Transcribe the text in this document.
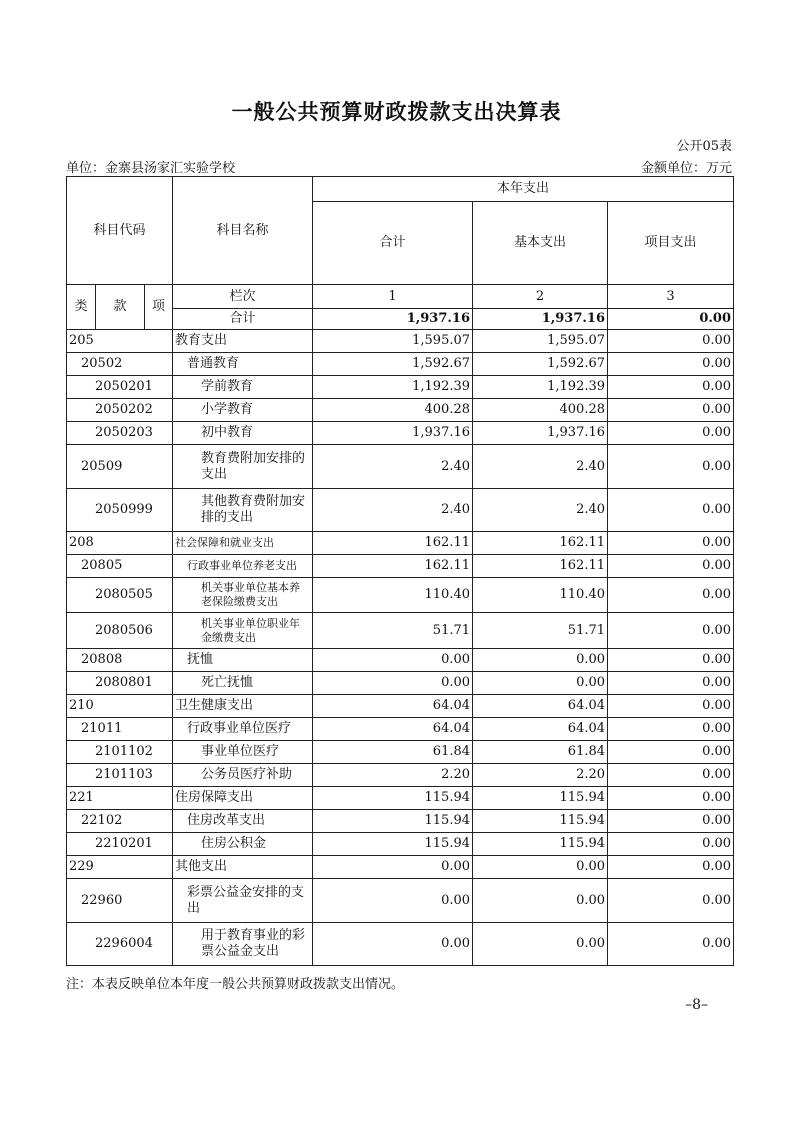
一般公共预算财政拨款支出决算表
公开05表
单位：金寨县汤家汇实验学校	金额单位：万元
科目代码			科目名称	本年支出		
				合计	基本支出	项目支出
类	款	项	栏次	1	2	3
			合计	1,937.16	1,937.16	0.00
205			教育支出	1,595.07	1,595.07	0.00
20502			普通教育	1,592.67	1,592.67	0.00
2050201			学前教育	1,192.39	1,192.39	0.00
2050202			小学教育	400.28	400.28	0.00
2050203			初中教育	1,937.16	1,937.16	0.00
20509			教育费附加安排的支出	2.40	2.40	0.00
2050999			其他教育费附加安排的支出	2.40	2.40	0.00
208			社会保障和就业支出	162.11	162.11	0.00
20805			行政事业单位养老支出	162.11	162.11	0.00
2080505			机关事业单位基本养老保险缴费支出	110.40	110.40	0.00
2080506			机关事业单位职业年金缴费支出	51.71	51.71	0.00
20808			抚恤	0.00	0.00	0.00
2080801			死亡抚恤	0.00	0.00	0.00
210			卫生健康支出	64.04	64.04	0.00
21011			行政事业单位医疗	64.04	64.04	0.00
2101102			事业单位医疗	61.84	61.84	0.00
2101103			公务员医疗补助	2.20	2.20	0.00
221			住房保障支出	115.94	115.94	0.00
22102			住房改革支出	115.94	115.94	0.00
2210201			住房公积金	115.94	115.94	0.00
229			其他支出	0.00	0.00	0.00
22960			彩票公益金安排的支出	0.00	0.00	0.00
2296004			用于教育事业的彩票公益金支出	0.00	0.00	0.00
注：本表反映单位本年度一般公共预算财政拨款支出情况。
–8–
